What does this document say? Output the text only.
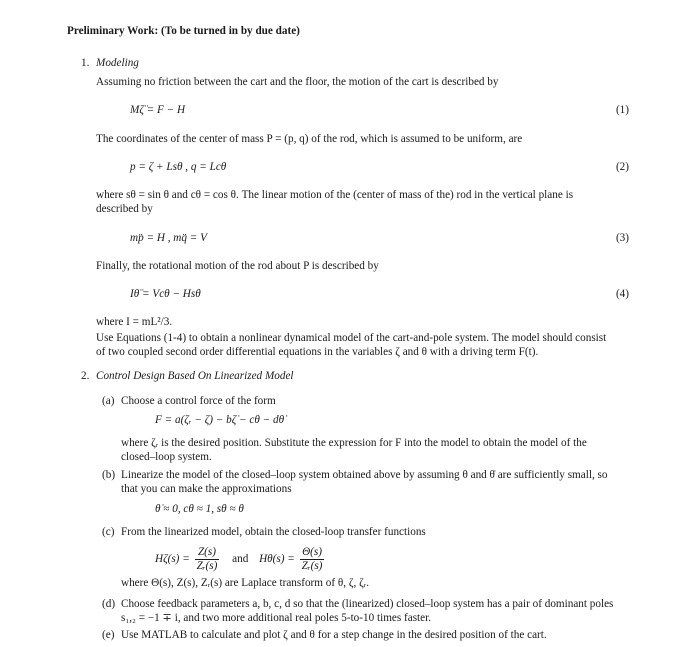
Preliminary Work: (To be turned in by due date)
1. Modeling
Assuming no friction between the cart and the floor, the motion of the cart is described by
Mζ̈ = F − H	(1)
The coordinates of the center of mass P = (p, q) of the rod, which is assumed to be uniform, are
p = ζ + Lsθ , q = Lcθ	(2)
where sθ = sin θ and cθ = cos θ. The linear motion of the (center of mass of the) rod in the vertical plane is
described by
mp̈ = H , mq̈ = V	(3)
Finally, the rotational motion of the rod about P is described by
Iθ̈ = Vcθ − Hsθ	(4)
where I = mL²/3.
Use Equations (1-4) to obtain a nonlinear dynamical model of the cart-and-pole system. The model should consist
of two coupled second order differential equations in the variables ζ and θ with a driving term F(t).
2. Control Design Based On Linearized Model
(a) Choose a control force of the form
F = a(ζᵣ − ζ) − bζ̇ − cθ − dθ̇
where ζᵣ is the desired position. Substitute the expression for F into the model to obtain the model of the
closed–loop system.
(b) Linearize the model of the closed–loop system obtained above by assuming θ and θ̇ are sufficiently small, so
that you can make the approximations
θ̇ ≈ 0, cθ ≈ 1, sθ ≈ θ
(c) From the linearized model, obtain the closed-loop transfer functions
$H\zeta(s) = \frac{Z(s)}{\text{Zᵣ(s)}}$ and $H\theta(s) = \frac{\Theta(s)}{\text{Zᵣ(s)}}$
where Θ(s), Z(s), Zᵣ(s) are Laplace transform of θ, ζ, ζᵣ.
(d) Choose feedback parameters a, b, c, d so that the (linearized) closed–loop system has a pair of dominant poles
s₁,₂ = −1 ∓ i, and two more additional real poles 5-to-10 times faster.
(e) Use MATLAB to calculate and plot ζ and θ for a step change in the desired position of the cart.
